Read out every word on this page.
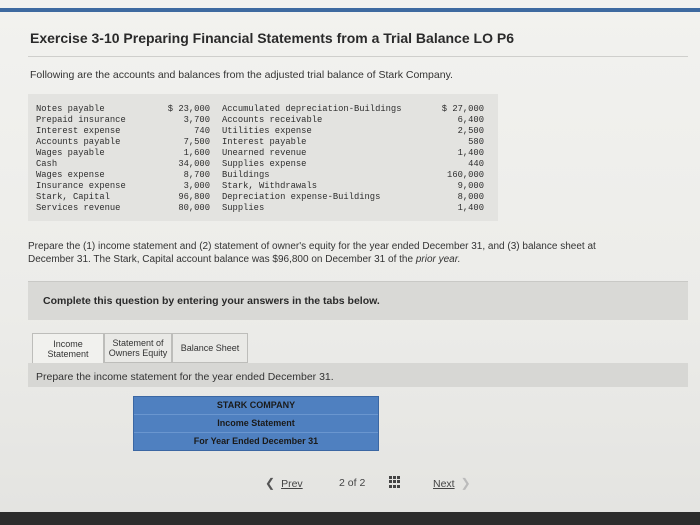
Exercise 3-10 Preparing Financial Statements from a Trial Balance LO P6
Following are the accounts and balances from the adjusted trial balance of Stark Company.
Notes payable	$ 23,000 Accumulated depreciation-Buildings	$ 27,000
Prepaid insurance	3,700 Accounts receivable	6,400
Interest expense	740 Utilities expense	2,500
Accounts payable	7,500 Interest payable	580
Wages payable	1,600 Unearned revenue	1,400
Cash	34,000 Supplies expense	440
Wages expense	8,700 Buildings	160,000
Insurance expense	3,000 Stark, Withdrawals	9,000
Stark, Capital	96,800 Depreciation expense-Buildings	8,000
Services revenue	80,000 Supplies	1,400
Prepare the (1) income statement and (2) statement of owner's equity for the year ended December 31, and (3) balance sheet at
December 31. The Stark, Capital account balance was $96,800 on December 31 of the prior year.
Complete this question by entering your answers in the tabs below.
Income
Statement
Statement of
Owners Equity Balance Sheet
Prepare the income statement for the year ended December 31.
STARK COMPANY
Income Statement
For Year Ended December 31
❮ Prev	2 of 2	Next ❯
